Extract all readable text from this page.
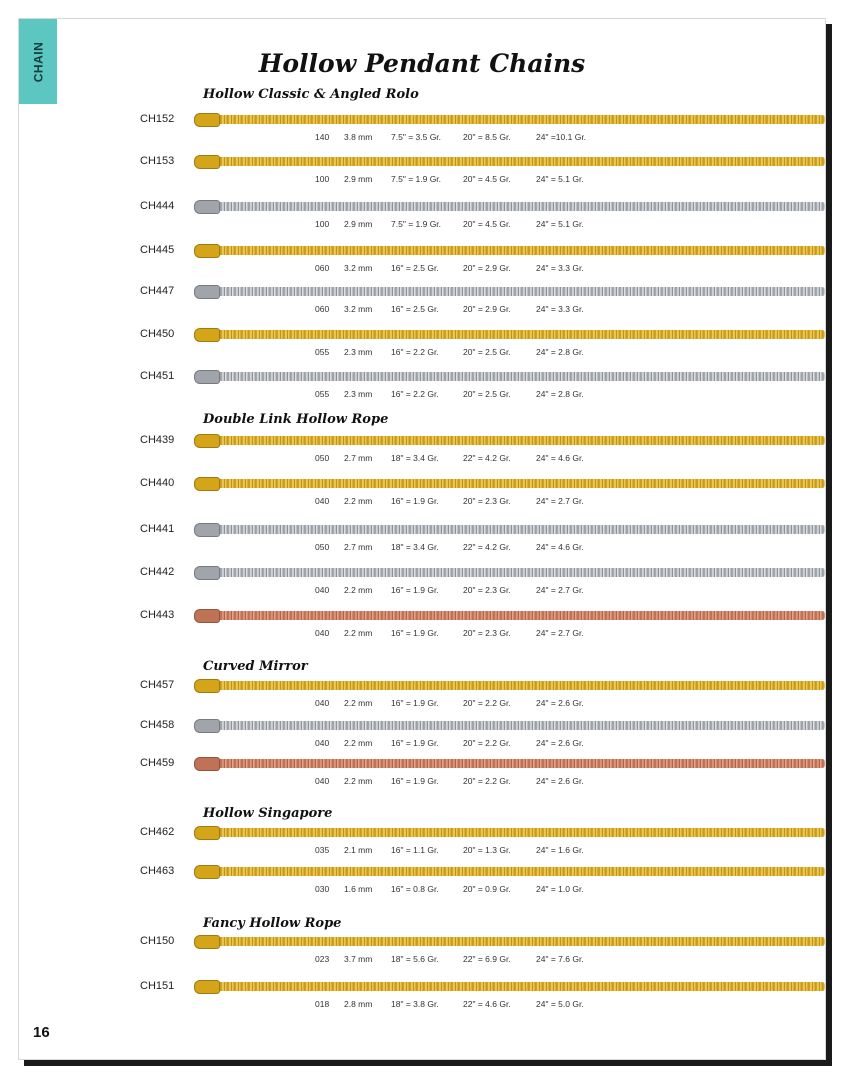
CHAIN	Hollow Pendant Chains
Hollow Classic & Angled Rolo
CH152
140 3.8 mm 7.5" = 3.5 Gr.	20" = 8.5 Gr.	24" =10.1 Gr.
CH153
100 2.9 mm 7.5" = 1.9 Gr.	20" = 4.5 Gr.	24" = 5.1 Gr.
CH444
100 2.9 mm 7.5" = 1.9 Gr.	20" = 4.5 Gr.	24" = 5.1 Gr.
CH445
060 3.2 mm 16" = 2.5 Gr.	20" = 2.9 Gr.	24" = 3.3 Gr.
CH447
060 3.2 mm 16" = 2.5 Gr.	20" = 2.9 Gr.	24" = 3.3 Gr.
CH450
055 2.3 mm 16" = 2.2 Gr.	20" = 2.5 Gr.	24" = 2.8 Gr.
CH451
055 2.3 mm 16" = 2.2 Gr.	20" = 2.5 Gr.	24" = 2.8 Gr.
Double Link Hollow Rope
CH439
050 2.7 mm 18" = 3.4 Gr.	22" = 4.2 Gr.	24" = 4.6 Gr.
CH440
040 2.2 mm 16" = 1.9 Gr.	20" = 2.3 Gr.	24" = 2.7 Gr.
CH441
050 2.7 mm 18" = 3.4 Gr.	22" = 4.2 Gr.	24" = 4.6 Gr.
CH442
040 2.2 mm 16" = 1.9 Gr.	20" = 2.3 Gr.	24" = 2.7 Gr.
CH443
040 2.2 mm 16" = 1.9 Gr.	20" = 2.3 Gr.	24" = 2.7 Gr.
Curved Mirror
CH457
040 2.2 mm 16" = 1.9 Gr.	20" = 2.2 Gr.	24" = 2.6 Gr.
CH458
040 2.2 mm 16" = 1.9 Gr.	20" = 2.2 Gr.	24" = 2.6 Gr.
CH459
040 2.2 mm 16" = 1.9 Gr.	20" = 2.2 Gr.	24" = 2.6 Gr.
Hollow Singapore
CH462
035 2.1 mm 16" = 1.1 Gr.	20" = 1.3 Gr.	24" = 1.6 Gr.
CH463
030 1.6 mm 16" = 0.8 Gr.	20" = 0.9 Gr.	24" = 1.0 Gr.
Fancy Hollow Rope
CH150
023 3.7 mm 18" = 5.6 Gr.	22" = 6.9 Gr.	24" = 7.6 Gr.
CH151
018 2.8 mm 18" = 3.8 Gr.	22" = 4.6 Gr.	24" = 5.0 Gr.
16
